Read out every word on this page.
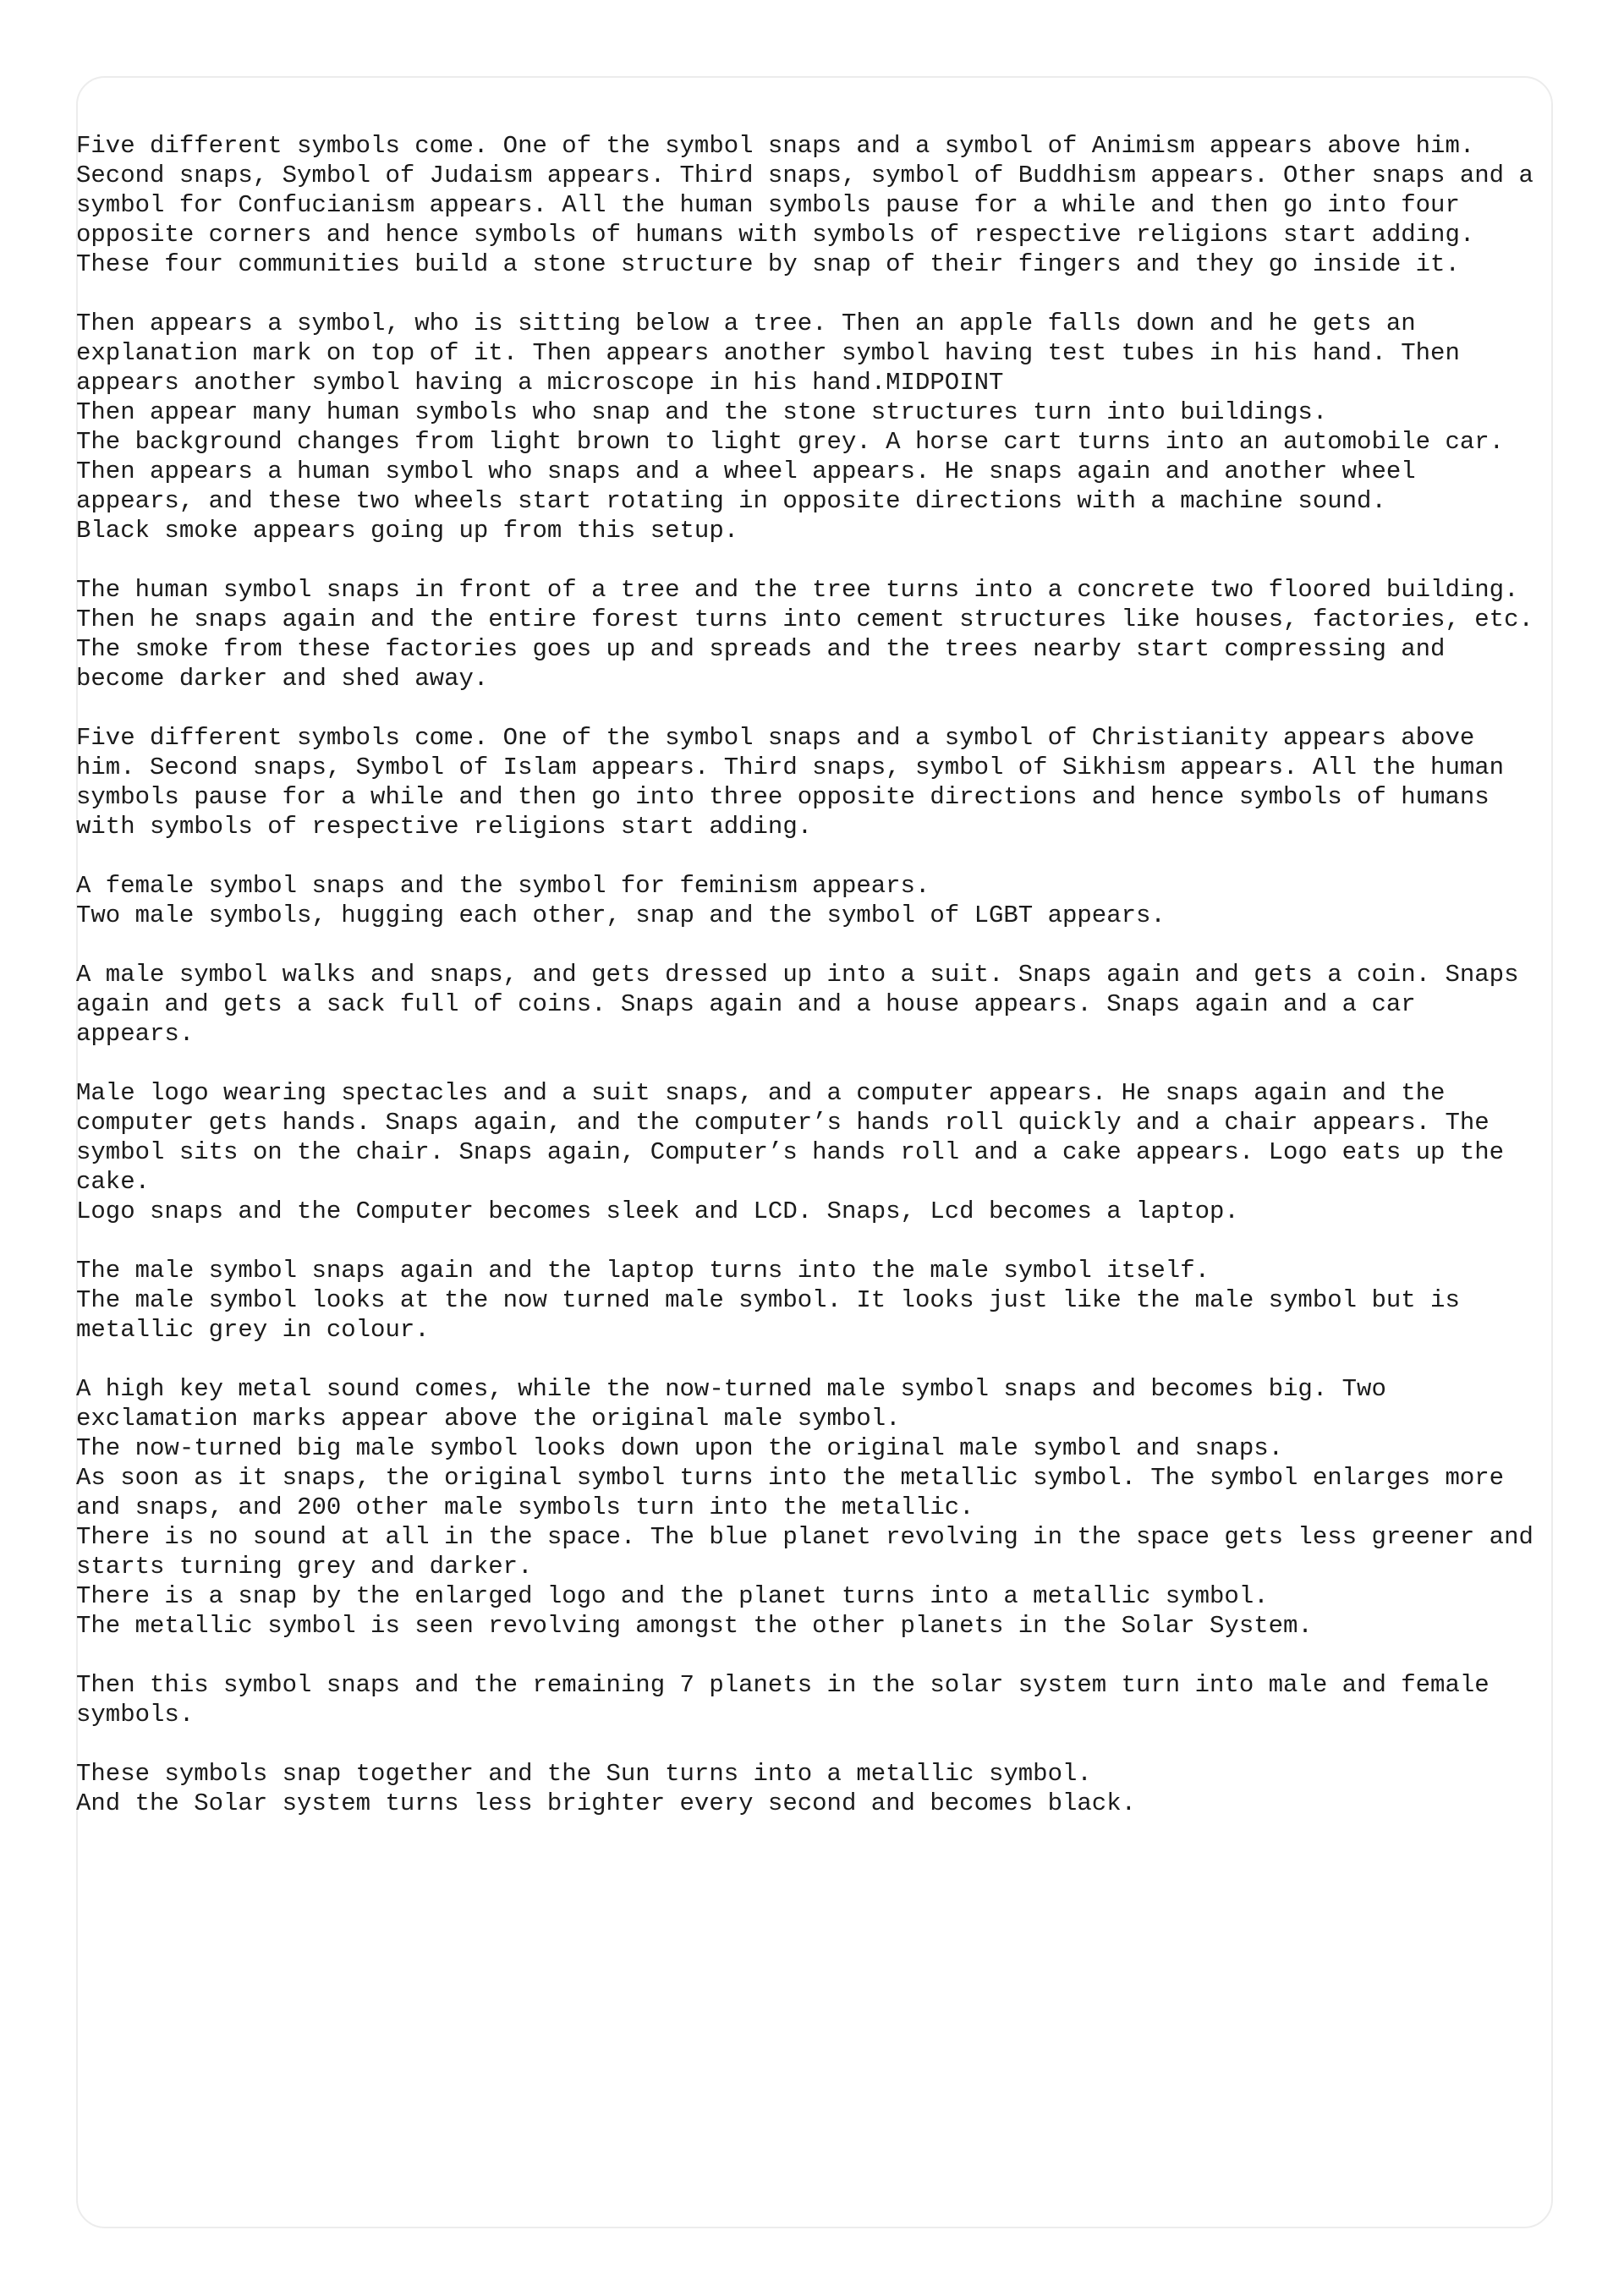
Five different symbols come. One of the symbol snaps and a symbol of Animism appears above him.
Second snaps, Symbol of Judaism appears. Third snaps, symbol of Buddhism appears. Other snaps and a
symbol for Confucianism appears. All the human symbols pause for a while and then go into four
opposite corners and hence symbols of humans with symbols of respective religions start adding.
These four communities build a stone structure by snap of their fingers and they go inside it.
Then appears a symbol, who is sitting below a tree. Then an apple falls down and he gets an
explanation mark on top of it. Then appears another symbol having test tubes in his hand. Then
appears another symbol having a microscope in his hand.MIDPOINT
Then appear many human symbols who snap and the stone structures turn into buildings.
The background changes from light brown to light grey. A horse cart turns into an automobile car.
Then appears a human symbol who snaps and a wheel appears. He snaps again and another wheel
appears, and these two wheels start rotating in opposite directions with a machine sound.
Black smoke appears going up from this setup.
The human symbol snaps in front of a tree and the tree turns into a concrete two floored building.
Then he snaps again and the entire forest turns into cement structures like houses, factories, etc.
The smoke from these factories goes up and spreads and the trees nearby start compressing and
become darker and shed away.
Five different symbols come. One of the symbol snaps and a symbol of Christianity appears above
him. Second snaps, Symbol of Islam appears. Third snaps, symbol of Sikhism appears. All the human
symbols pause for a while and then go into three opposite directions and hence symbols of humans
with symbols of respective religions start adding.
A female symbol snaps and the symbol for feminism appears.
Two male symbols, hugging each other, snap and the symbol of LGBT appears.
A male symbol walks and snaps, and gets dressed up into a suit. Snaps again and gets a coin. Snaps
again and gets a sack full of coins. Snaps again and a house appears. Snaps again and a car
appears.
Male logo wearing spectacles and a suit snaps, and a computer appears. He snaps again and the
computer gets hands. Snaps again, and the computer’s hands roll quickly and a chair appears. The
symbol sits on the chair. Snaps again, Computer’s hands roll and a cake appears. Logo eats up the
cake.
Logo snaps and the Computer becomes sleek and LCD. Snaps, Lcd becomes a laptop.
The male symbol snaps again and the laptop turns into the male symbol itself.
The male symbol looks at the now turned male symbol. It looks just like the male symbol but is
metallic grey in colour.
A high key metal sound comes, while the now-turned male symbol snaps and becomes big. Two
exclamation marks appear above the original male symbol.
The now-turned big male symbol looks down upon the original male symbol and snaps.
As soon as it snaps, the original symbol turns into the metallic symbol. The symbol enlarges more
and snaps, and 200 other male symbols turn into the metallic.
There is no sound at all in the space. The blue planet revolving in the space gets less greener and
starts turning grey and darker.
There is a snap by the enlarged logo and the planet turns into a metallic symbol.
The metallic symbol is seen revolving amongst the other planets in the Solar System.
Then this symbol snaps and the remaining 7 planets in the solar system turn into male and female
symbols.
These symbols snap together and the Sun turns into a metallic symbol.
And the Solar system turns less brighter every second and becomes black.
